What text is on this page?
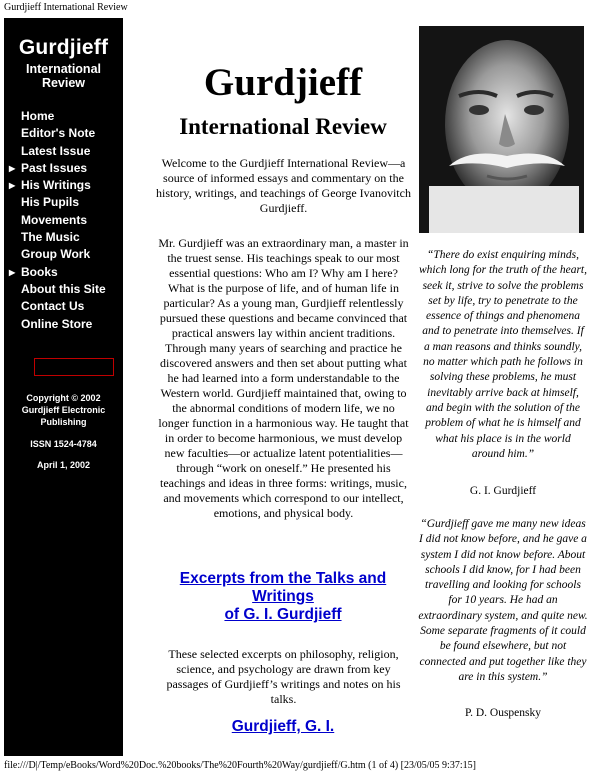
Gurdjieff International Review
Gurdjieff
International
Review
Home
Editor's Note
Latest Issue
▶ Past Issues
▶ His Writings
His Pupils
Movements
The Music
Group Work
▶ Books
About this Site
Contact Us
Online Store
Copyright © 2002
Gurdjieff Electronic
Publishing
ISSN 1524-4784
April 1, 2002
Gurdjieff
International Review
Welcome to the Gurdjieff International Review—a source of informed essays and commentary on the history, writings, and teachings of George Ivanovitch Gurdjieff.
Mr. Gurdjieff was an extraordinary man, a master in the truest sense. His teachings speak to our most essential questions: Who am I? Why am I here? What is the purpose of life, and of human life in particular? As a young man, Gurdjieff relentlessly pursued these questions and became convinced that practical answers lay within ancient traditions. Through many years of searching and practice he discovered answers and then set about putting what he had learned into a form understandable to the Western world. Gurdjieff maintained that, owing to the abnormal conditions of modern life, we no longer function in a harmonious way. He taught that in order to become harmonious, we must develop new faculties—or actualize latent potentialities—through “work on oneself.” He presented his teachings and ideas in three forms: writings, music, and movements which correspond to our intellect, emotions, and physical body.
Excerpts from the Talks and
Writings
of G. I. Gurdjieff
These selected excerpts on philosophy, religion, science, and psychology are drawn from key passages of Gurdjieff’s writings and notes on his talks.
Gurdjieff, G. I.
“There do exist enquiring minds, which long for the truth of the heart, seek it, strive to solve the problems set by life, try to penetrate to the essence of things and phenomena and to penetrate into themselves. If a man reasons and thinks soundly, no matter which path he follows in solving these problems, he must inevitably arrive back at himself, and begin with the solution of the problem of what he is himself and what his place is in the world around him.”
G. I. Gurdjieff
“Gurdjieff gave me many new ideas I did not know before, and he gave a system I did not know before. About schools I did know, for I had been travelling and looking for schools for 10 years. He had an extraordinary system, and quite new. Some separate fragments of it could be found elsewhere, but not connected and put together like they are in this system.”
P. D. Ouspensky
file:///D|/Temp/eBooks/Word%20Doc.%20books/The%20Fourth%20Way/gurdjieff/G.htm (1 of 4) [23/05/05 9:37:15]
